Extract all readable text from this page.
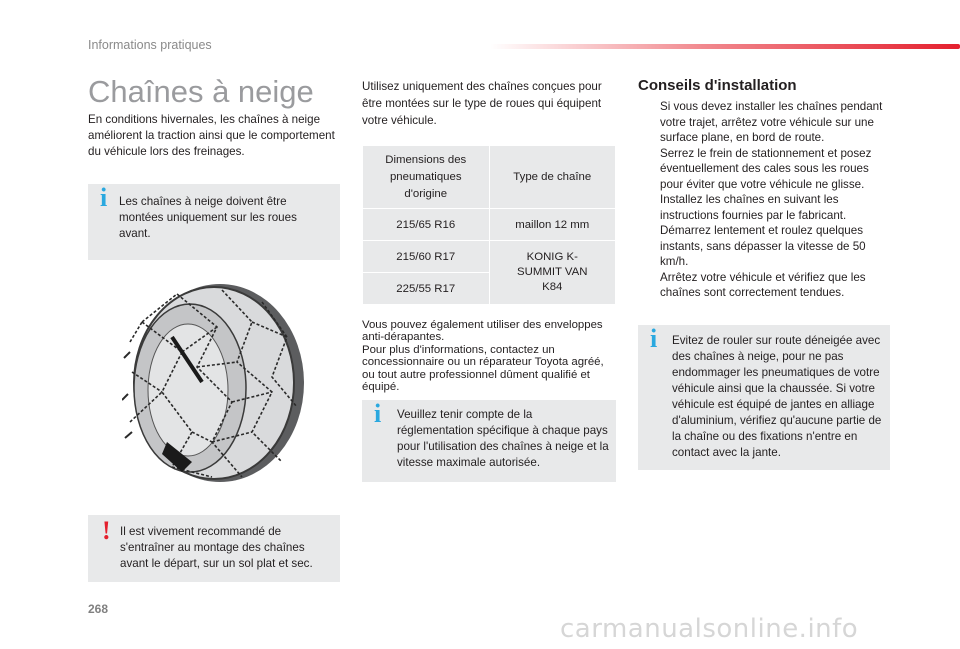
Informations pratiques
Chaînes à neige
En conditions hivernales, les chaînes à neige améliorent la traction ainsi que le comportement du véhicule lors des freinages.
i Les chaînes à neige doivent être montées uniquement sur les roues avant.
! Il est vivement recommandé de s'entraîner au montage des chaînes avant le départ, sur un sol plat et sec.
Utilisez uniquement des chaînes conçues pour être montées sur le type de roues qui équipent votre véhicule.
Dimensions des pneumatiques d'origine	Type de chaîne
215/65 R16	maillon 12 mm
215/60 R17	KONIG K-SUMMIT VAN K84
225/55 R17	
Vous pouvez également utiliser des enveloppes anti-dérapantes.
Pour plus d'informations, contactez un concessionnaire ou un réparateur Toyota agréé, ou tout autre professionnel dûment qualifié et équipé.
i Veuillez tenir compte de la réglementation spécifique à chaque pays pour l'utilisation des chaînes à neige et la vitesse maximale autorisée.
Conseils d'installation
Si vous devez installer les chaînes pendant votre trajet, arrêtez votre véhicule sur une surface plane, en bord de route.
Serrez le frein de stationnement et posez éventuellement des cales sous les roues pour éviter que votre véhicule ne glisse.
Installez les chaînes en suivant les instructions fournies par le fabricant.
Démarrez lentement et roulez quelques instants, sans dépasser la vitesse de 50 km/h.
Arrêtez votre véhicule et vérifiez que les chaînes sont correctement tendues.
i Evitez de rouler sur route déneigée avec des chaînes à neige, pour ne pas endommager les pneumatiques de votre véhicule ainsi que la chaussée. Si votre véhicule est équipé de jantes en alliage d'aluminium, vérifiez qu'aucune partie de la chaîne ou des fixations n'entre en contact avec la jante.
268
carmanualsonline.info
